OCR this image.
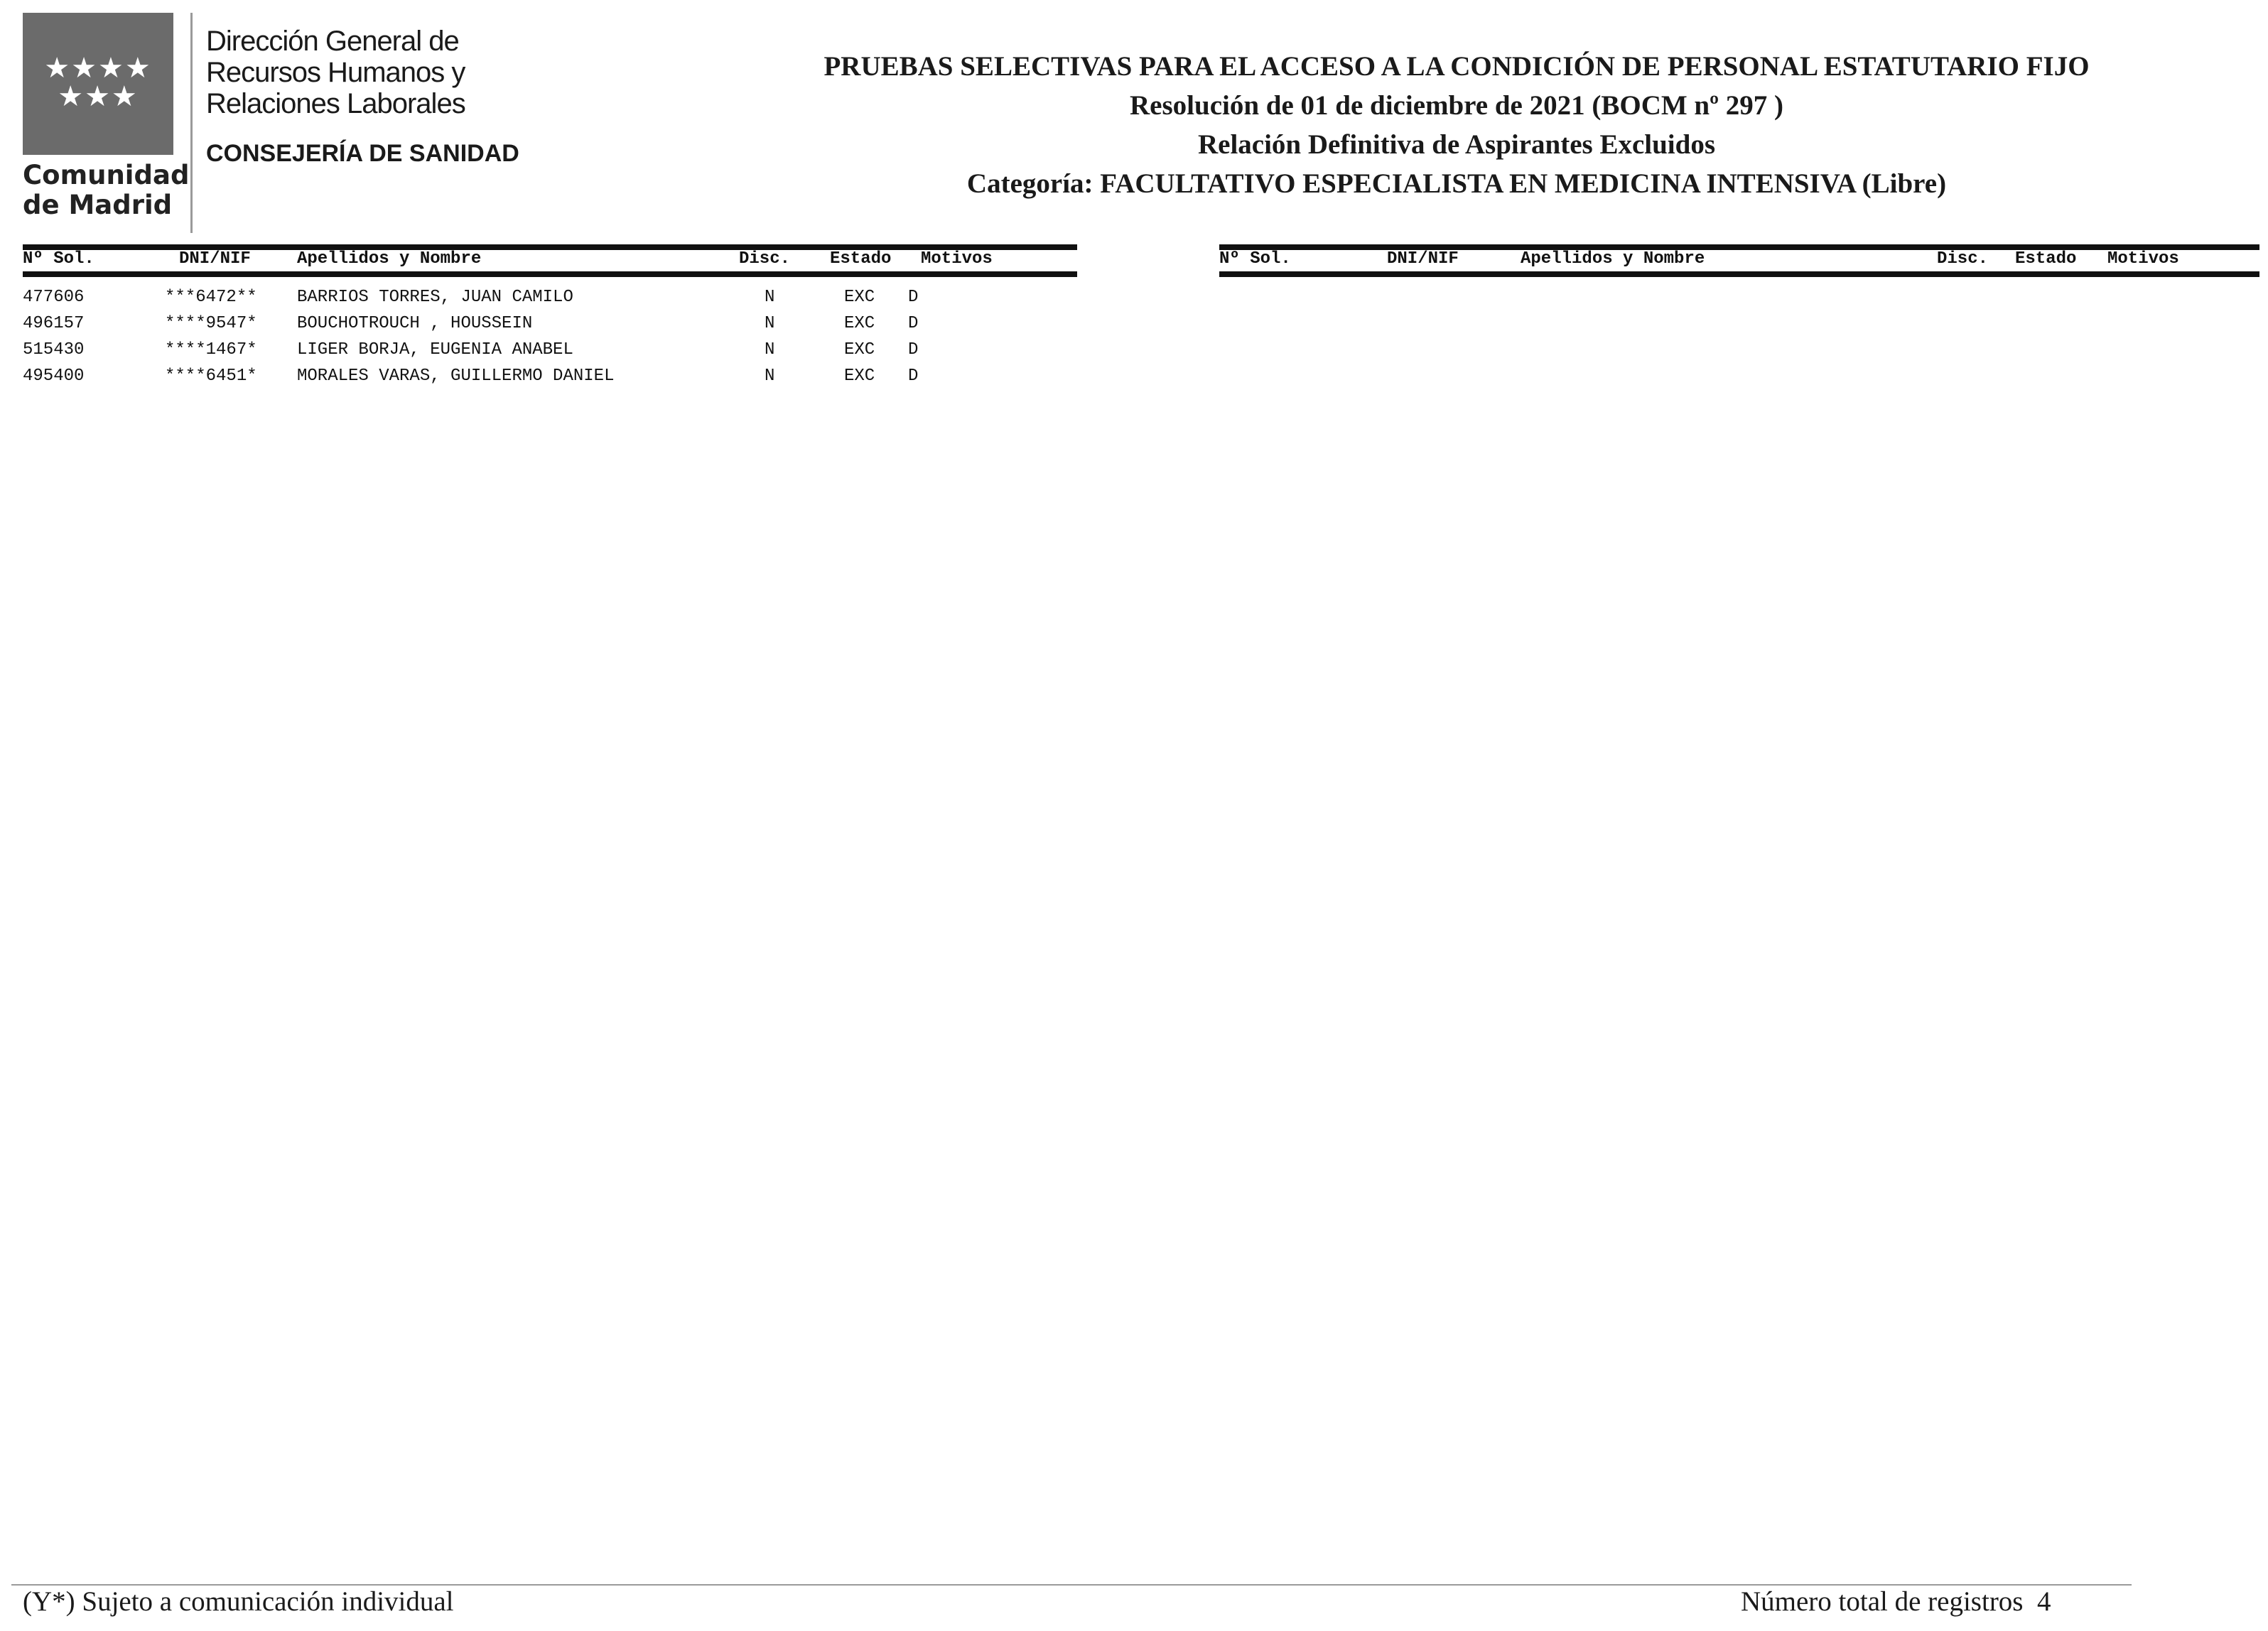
★★★★
★★★
Comunidad
de Madrid
Dirección General de
Recursos Humanos y
Relaciones Laborales
CONSEJERÍA DE SANIDAD
PRUEBAS SELECTIVAS PARA EL ACCESO A LA CONDICIÓN DE PERSONAL ESTATUTARIO FIJO
Resolución de 01 de diciembre de 2021 (BOCM nº 297 )
Relación Definitiva de Aspirantes Excluidos
Categoría: FACULTATIVO ESPECIALISTA EN MEDICINA INTENSIVA (Libre)
Nº Sol.	DNI/NIF	Apellidos y Nombre	Disc. Estado Motivos
477606	***6472** BARRIOS TORRES, JUAN CAMILO	N	EXC D
496157	****9547* BOUCHOTROUCH , HOUSSEIN	N	EXC D
515430	****1467* LIGER BORJA, EUGENIA ANABEL	N	EXC D
495400	****6451* MORALES VARAS, GUILLERMO DANIEL	N	EXC D
Nº Sol.	DNI/NIF	Apellidos y Nombre	Disc. Estado Motivos
(Y*) Sujeto a comunicación individual	Número total de registros 4
